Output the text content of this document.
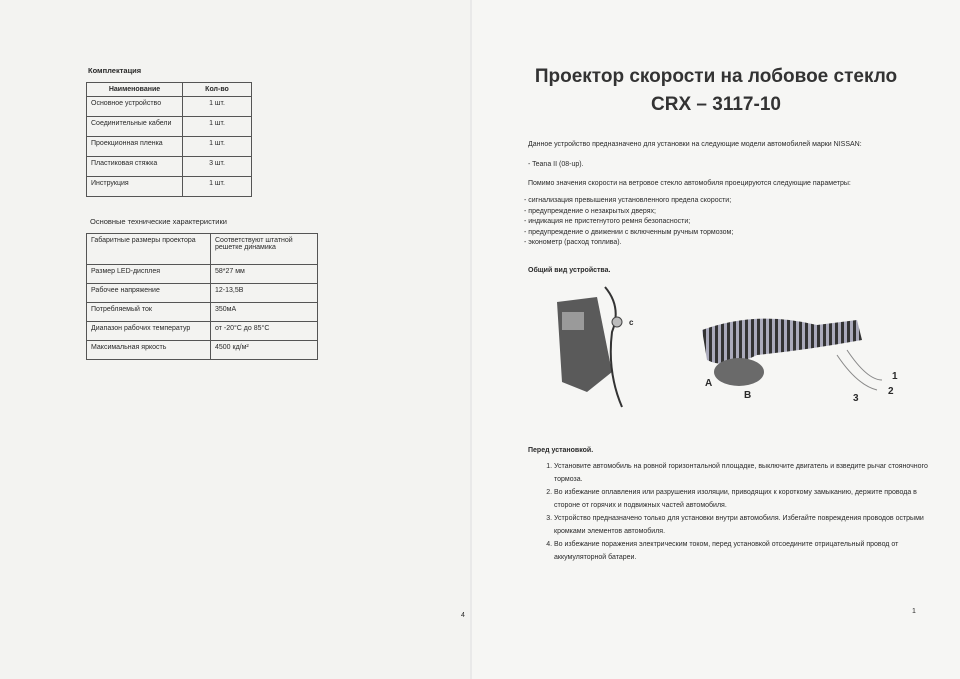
Комплектация
Наименование	Кол-во
Основное устройство	1 шт.
Соединительные кабели	1 шт.
Проекционная пленка	1 шт.
Пластиковая стяжка	3 шт.
Инструкция	1 шт.
Основные технические характеристики
Габаритные размеры проектора	Соответствуют штатной решетке динамика
Размер LED-дисплея	58*27 мм
Рабочее напряжение	12-13,5В
Потребляемый ток	350мА
Диапазон рабочих температур	от -20°С до 85°С
Максимальная яркость	4500 кд/м²
4
Проектор скорости на лобовое стекло
CRX – 3117-10
Данное устройство предназначено для установки на следующие модели автомобилей марки NISSAN:
- Teana II (08-up).
Помимо значения скорости на ветровое стекло автомобиля проецируются следующие параметры:
- сигнализация превышения установленного предела скорости;
- предупреждение о незакрытых дверях;
- индикация не пристегнутого ремня безопасности;
- предупреждение о движении с включенным ручным тормозом;
- эконометр (расход топлива).
Общий вид устройства.
c
A
B
1
2
3
Перед установкой.
1. Установите автомобиль на ровной горизонтальной площадке, выключите двигатель и взведите рычаг стояночного тормоза.
2. Во избежание оплавления или разрушения изоляции, приводящих к короткому замыканию, держите провода в стороне от горячих и подвижных частей автомобиля.
3. Устройство предназначено только для установки внутри автомобиля. Избегайте повреждения проводов острыми кромками элементов автомобиля.
4. Во избежание поражения электрическим током, перед установкой отсоедините отрицательный провод от аккумуляторной батареи.
1
